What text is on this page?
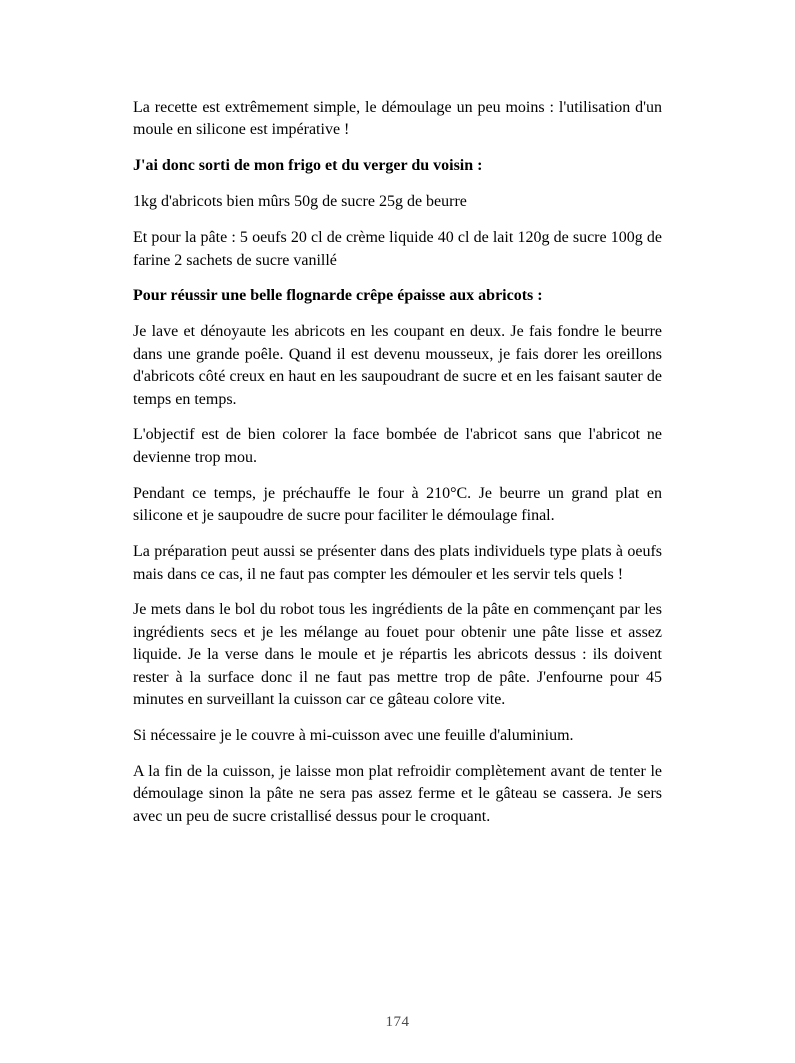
La recette est extrêmement simple, le démoulage un peu moins : l'utilisation d'un moule en silicone est impérative !

J'ai donc sorti de mon frigo et du verger du voisin :

1kg d'abricots bien mûrs 50g de sucre 25g de beurre

Et pour la pâte : 5 oeufs 20 cl de crème liquide 40 cl de lait 120g de sucre 100g de farine 2 sachets de sucre vanillé

Pour réussir une belle flognarde crêpe épaisse aux abricots :

Je lave et dénoyaute les abricots en les coupant en deux. Je fais fondre le beurre dans une grande poêle. Quand il est devenu mousseux, je fais dorer les oreillons d'abricots côté creux en haut en les saupoudrant de sucre et en les faisant sauter de temps en temps.

L'objectif est de bien colorer la face bombée de l'abricot sans que l'abricot ne devienne trop mou.

Pendant ce temps, je préchauffe le four à 210°C. Je beurre un grand plat en silicone et je saupoudre de sucre pour faciliter le démoulage final.

La préparation peut aussi se présenter dans des plats individuels type plats à oeufs mais dans ce cas, il ne faut pas compter les démouler et les servir tels quels !

Je mets dans le bol du robot tous les ingrédients de la pâte en commençant par les ingrédients secs et je les mélange au fouet pour obtenir une pâte lisse et assez liquide. Je la verse dans le moule et je répartis les abricots dessus : ils doivent rester à la surface donc il ne faut pas mettre trop de pâte. J'enfourne pour 45 minutes en surveillant la cuisson car ce gâteau colore vite.

Si nécessaire je le couvre à mi-cuisson avec une feuille d'aluminium.

A la fin de la cuisson, je laisse mon plat refroidir complètement avant de tenter le démoulage sinon la pâte ne sera pas assez ferme et le gâteau se cassera. Je sers avec un peu de sucre cristallisé dessus pour le croquant.

174
